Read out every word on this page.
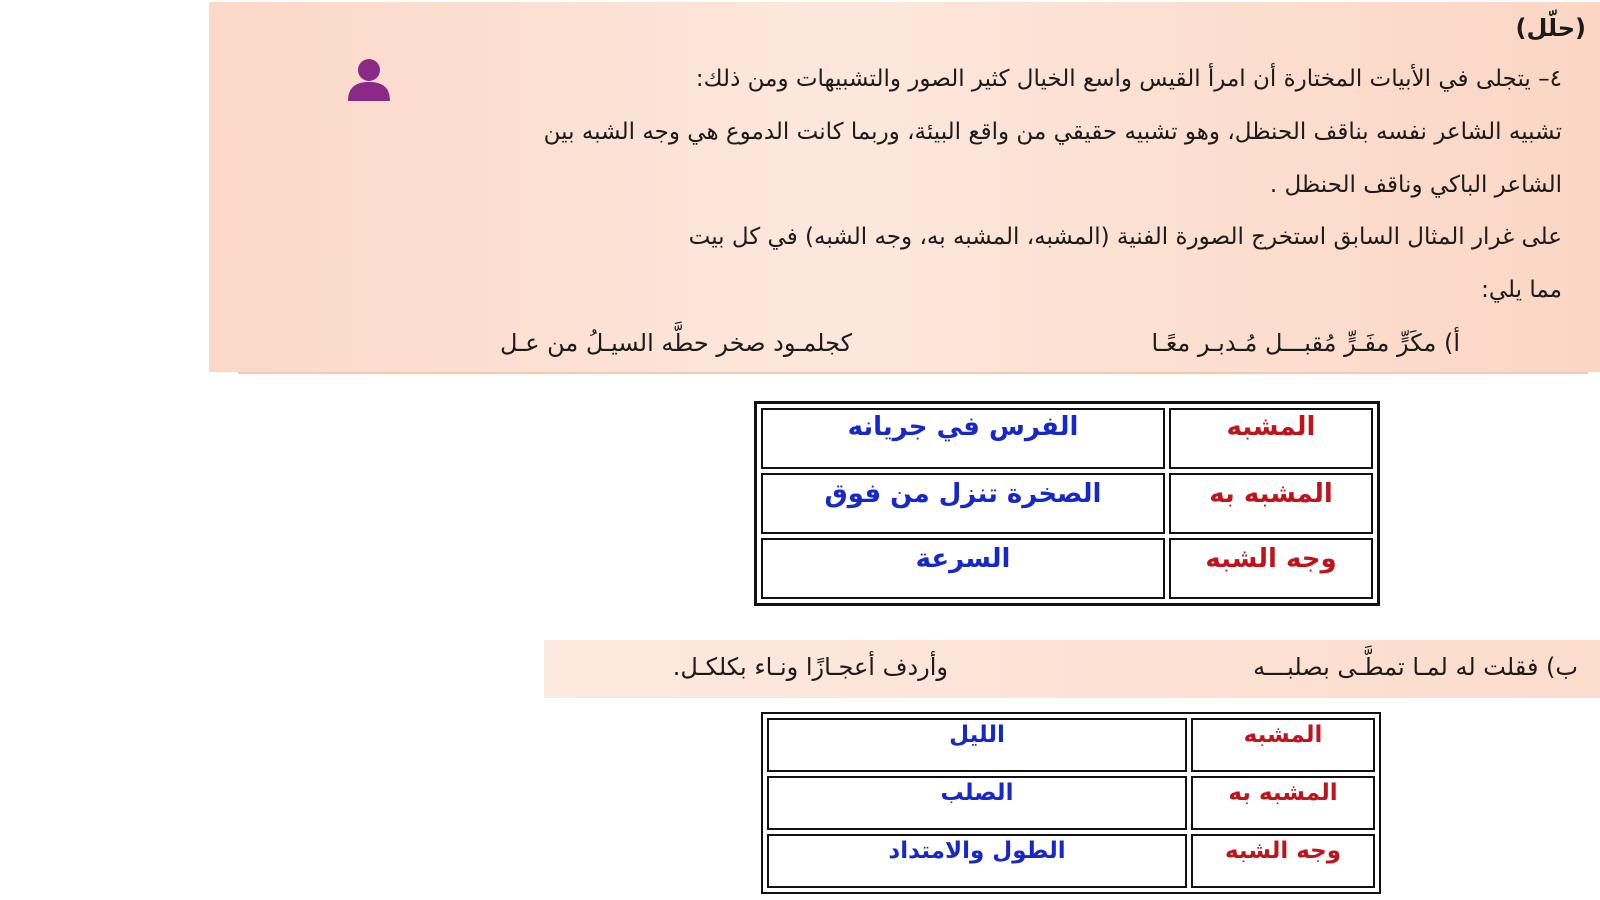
(حلّل)
٤– يتجلى في الأبيات المختارة أن امرأ القيس واسع الخيال كثير الصور والتشبيهات ومن ذلك:
تشبيه الشاعر نفسه بناقف الحنظل، وهو تشبيه حقيقي من واقع البيئة، وربما كانت الدموع هي وجه الشبه بين
الشاعر الباكي وناقف الحنظل .
على غرار المثال السابق استخرج الصورة الفنية (المشبه، المشبه به، وجه الشبه) في كل بيت
مما يلي:
أ) مكَرٍّ مفَـرٍّ مُقبـــل مُـدبـر معًـا
كجلمـود صخر حطَّه السيـلُ من عـل
المشبه	الفرس في جريانه
المشبه به	الصخرة تنزل من فوق
وجه الشبه	السرعة
ب) فقلت له لمـا تمطَّـى بصلبـــه
وأردف أعجـازًا ونـاء بكلكـل.
المشبه	الليل
المشبه به	الصلب
وجه الشبه	الطول والامتداد
